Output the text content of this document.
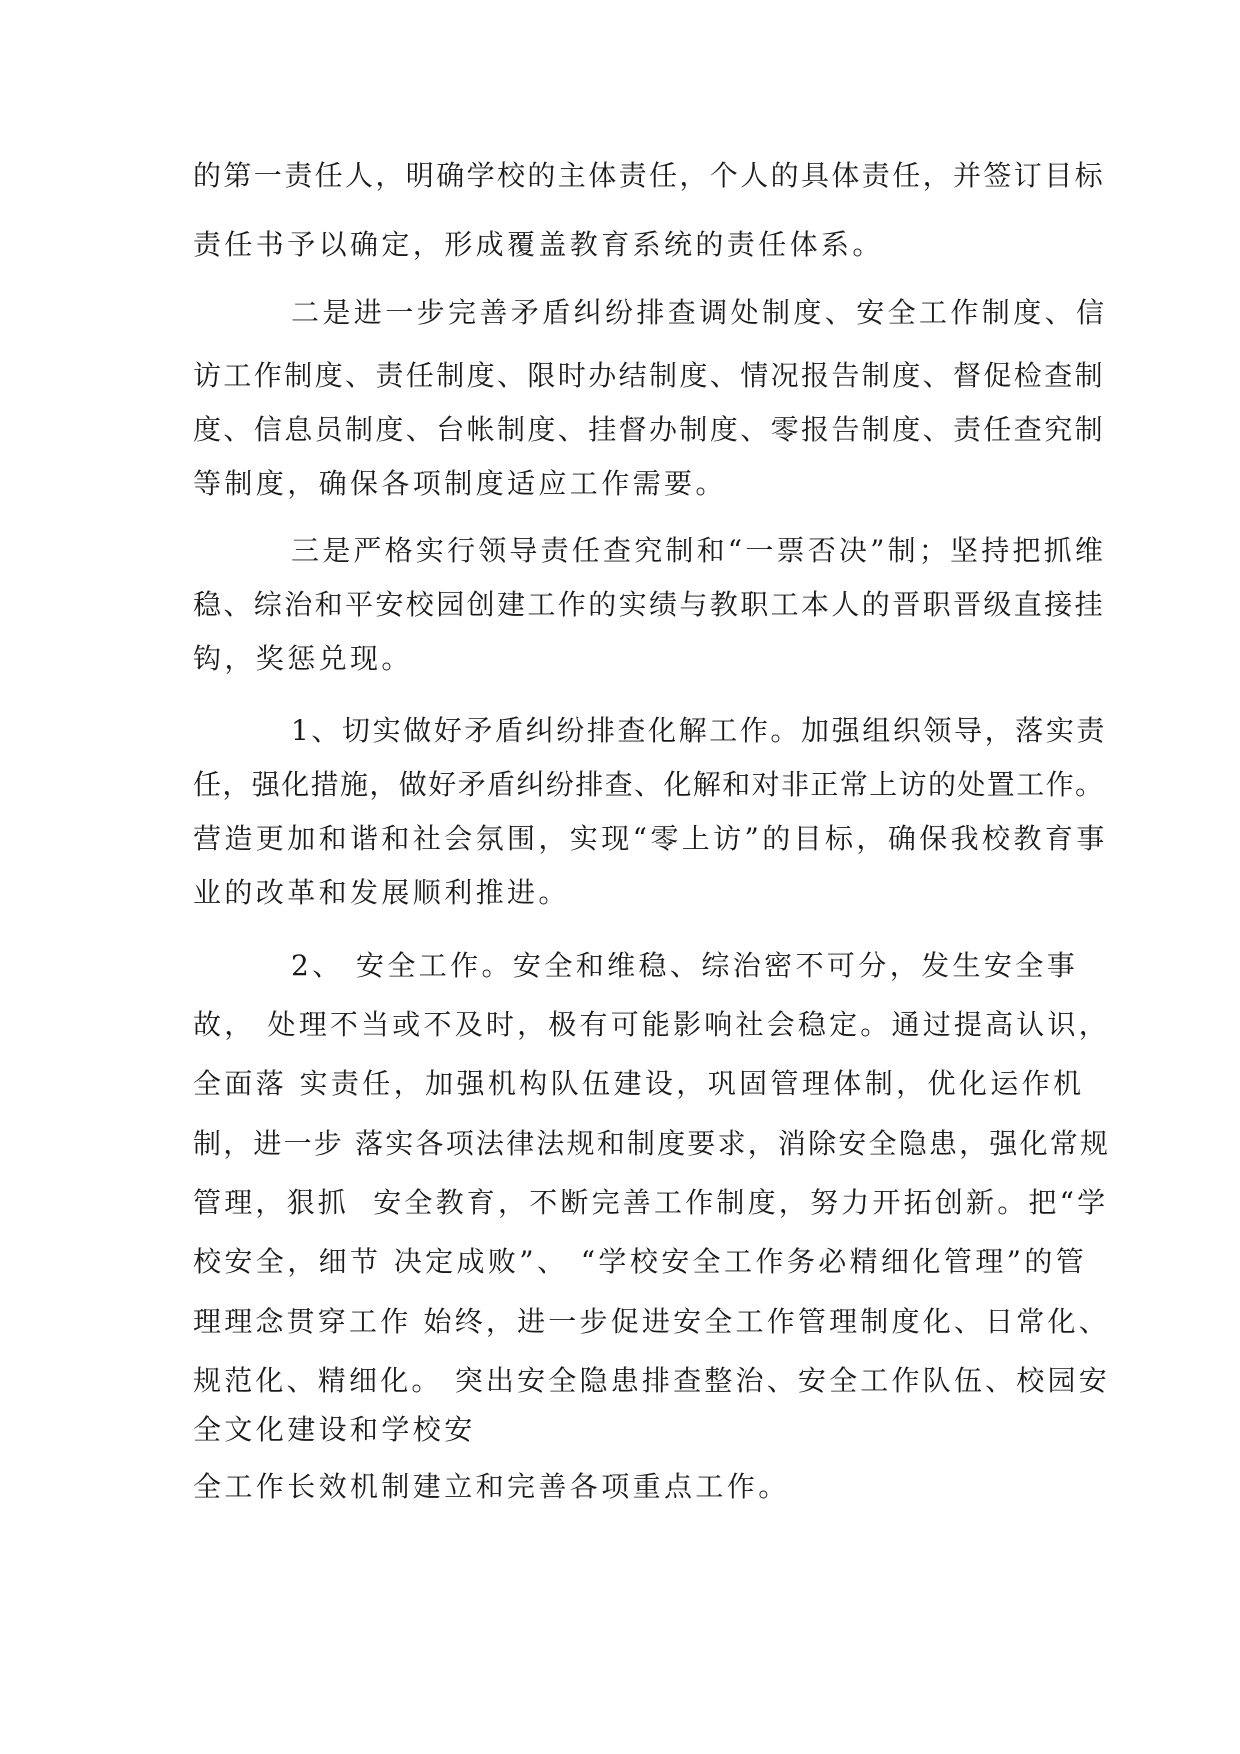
的第一责任人，明确学校的主体责任，个人的具体责任，并签订目标
责任书予以确定，形成覆盖教育系统的责任体系。
二是进一步完善矛盾纠纷排查调处制度、安全工作制度、信
访工作制度、责任制度、限时办结制度、情况报告制度、督促检查制
度、信息员制度、台帐制度、挂督办制度、零报告制度、责任查究制
等制度，确保各项制度适应工作需要。
三是严格实行领导责任查究制和“一票否决”制；坚持把抓维
稳、综治和平安校园创建工作的实绩与教职工本人的晋职晋级直接挂
钩，奖惩兑现。
1、切实做好矛盾纠纷排查化解工作。加强组织领导，落实责
任，强化措施，做好矛盾纠纷排查、化解和对非正常上访的处置工作。
营造更加和谐和社会氛围，实现“零上访”的目标，确保我校教育事
业的改革和发展顺利推进。
2、 安全工作。安全和维稳、综治密不可分，发生安全事
故， 处理不当或不及时，极有可能影响社会稳定。通过提高认识，
全面落 实责任，加强机构队伍建设，巩固管理体制，优化运作机
制，进一步 落实各项法律法规和制度要求，消除安全隐患，强化常规
管理，狠抓  安全教育，不断完善工作制度，努力开拓创新。把“学
校安全，细节 决定成败”、 “学校安全工作务必精细化管理”的管
理理念贯穿工作 始终，进一步促进安全工作管理制度化、日常化、
规范化、精细化。 突出安全隐患排查整治、安全工作队伍、校园安
全文化建设和学校安
全工作长效机制建立和完善各项重点工作。
